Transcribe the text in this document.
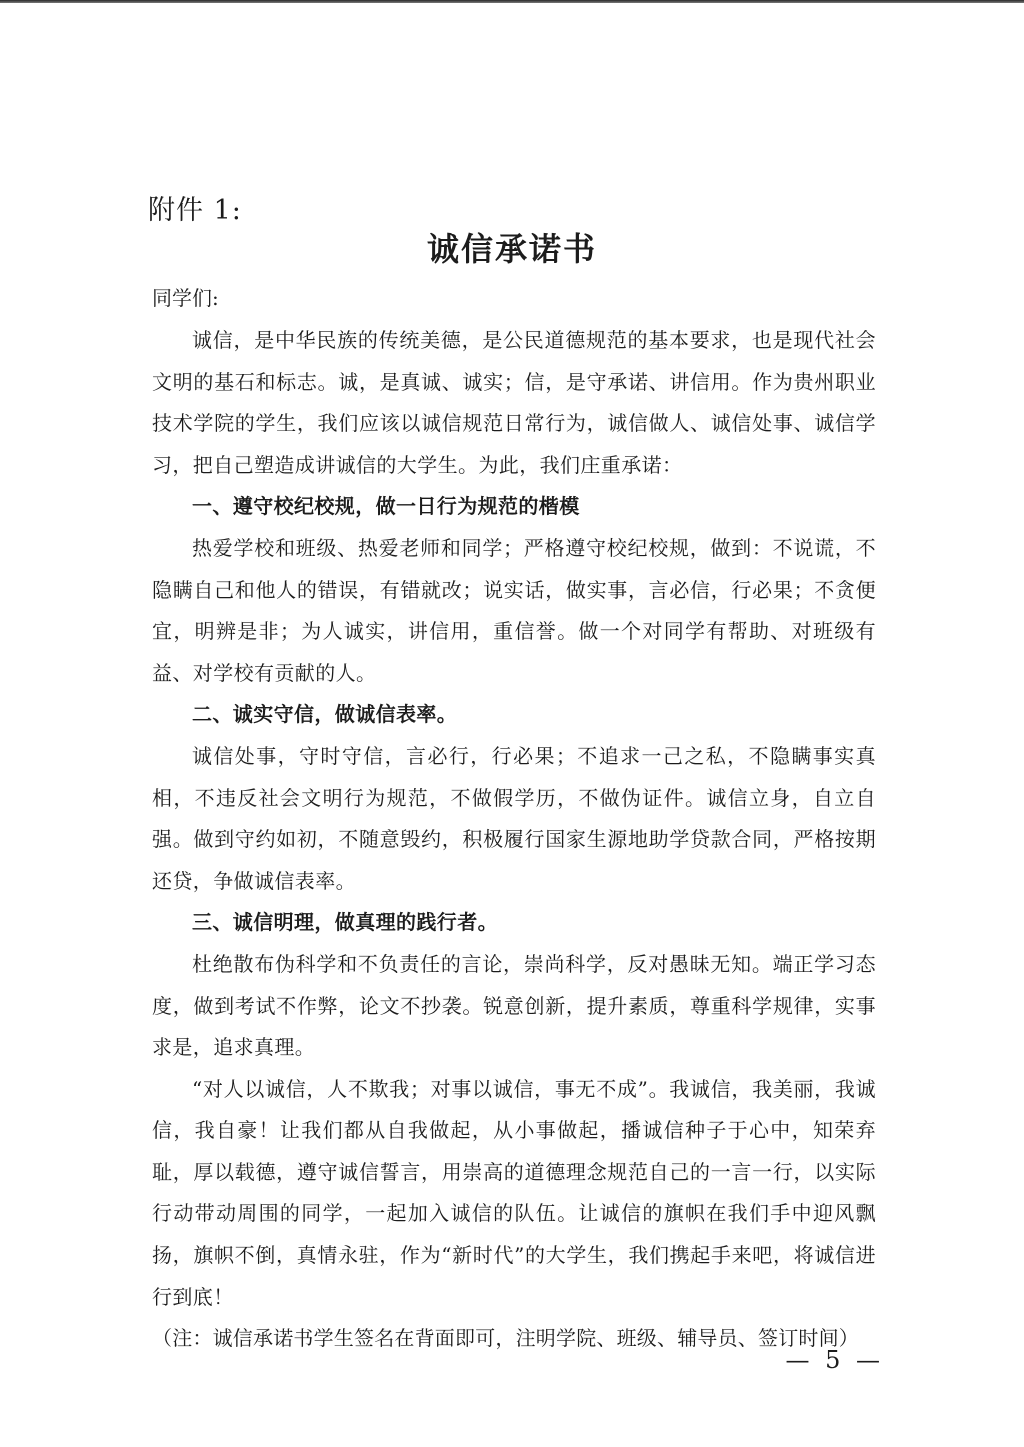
附件 1:
诚信承诺书
同学们:

诚信，是中华民族的传统美德，是公民道德规范的基本要求，也是现代社会文明的基石和标志。诚，是真诚、诚实；信，是守承诺、讲信用。作为贵州职业技术学院的学生，我们应该以诚信规范日常行为，诚信做人、诚信处事、诚信学习，把自己塑造成讲诚信的大学生。为此，我们庄重承诺：

一、遵守校纪校规，做一日行为规范的楷模

热爱学校和班级、热爱老师和同学；严格遵守校纪校规，做到：不说谎，不隐瞒自己和他人的错误，有错就改；说实话，做实事，言必信，行必果；不贪便宜，明辨是非；为人诚实，讲信用，重信誉。做一个对同学有帮助、对班级有益、对学校有贡献的人。

二、诚实守信，做诚信表率。

诚信处事，守时守信，言必行，行必果；不追求一己之私，不隐瞒事实真相，不违反社会文明行为规范，不做假学历，不做伪证件。诚信立身，自立自强。做到守约如初，不随意毁约，积极履行国家生源地助学贷款合同，严格按期还贷，争做诚信表率。

三、诚信明理，做真理的践行者。

杜绝散布伪科学和不负责任的言论，崇尚科学，反对愚昧无知。端正学习态度，做到考试不作弊，论文不抄袭。锐意创新，提升素质，尊重科学规律，实事求是，追求真理。

“对人以诚信，人不欺我；对事以诚信，事无不成”。我诚信，我美丽，我诚信，我自豪！让我们都从自我做起，从小事做起，播诚信种子于心中，知荣弃耻，厚以载德，遵守诚信誓言，用崇高的道德理念规范自己的一言一行，以实际行动带动周围的同学，一起加入诚信的队伍。让诚信的旗帜在我们手中迎风飘扬，旗帜不倒，真情永驻，作为“新时代”的大学生，我们携起手来吧，将诚信进行到底！

（注：诚信承诺书学生签名在背面即可，注明学院、班级、辅导员、签订时间）

— 5 —
